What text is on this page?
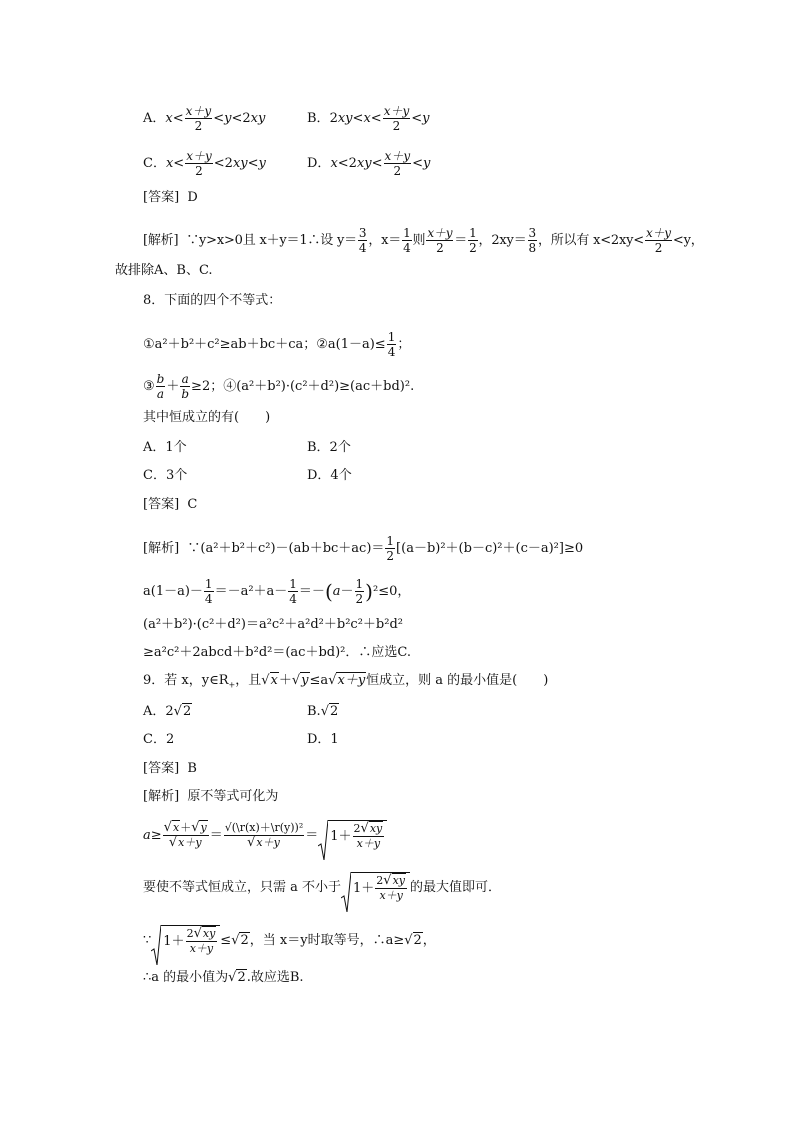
A．$x< \frac{x+y}{2} <y<2xy$	B．$2xy<x< \frac{x+y}{2} <y$
C．$x< \frac{x+y}{2} <2xy<y$	D．$x<2xy< \frac{x+y}{2} <y$
[答案] D
[解析] ∵y>x>0且 x＋y＝1∴设 $y= \frac{3}{4}$ ，$x= \frac{1}{4}$ 则 $\frac{x+y}{2} = \frac{1}{2}$ ，$2xy= \frac{3}{8}$ ，所以有 $x<2xy< \frac{x+y}{2} <y$，
故排除A、B、C.
8．下面的四个不等式：
①a²＋b²＋c²≥ab＋bc＋ca；②a(1－a)≤ $\frac{1}{4}$ ；
③ $\frac{b}{a} + \frac{a}{b} \ge 2$；④(a²＋b²)·(c²＋d²)≥(ac＋bd)².
其中恒成立的有(　　)
A．1个	B．2个
C．3个	D．4个
[答案] C
[解析] ∵(a²＋b²＋c²)－(ab＋bc＋ac)＝ $\frac{1}{2} [(a-b)^2+(b-c)^2+(c-a)^2]\ge 0$
$a(1-a)- \frac{1}{4} =-a^2+a- \frac{1}{4} =-(a- \frac{1}{2} )^2\le 0$，
(a²＋b²)·(c²＋d²)＝a²c²＋a²d²＋b²c²＋b²d²
≥a²c²＋2abcd＋b²d²＝(ac＋bd)²．∴应选C.
9．若 x，$y\in R_+$，且√x＋√y≤a√x＋y恒成立，则 a 的最小值是(　　)
A．2√2	B.√2
C．2	D．1
[答案] B
[解析] 原不等式可化为
$a\ge \frac{√x+√y}{√x+y} = \frac{\text{√(\textbackslash{}r(x)＋\textbackslash{}r(y))²}}{√x+y} = 1+ \frac{2√xy}{x+y}$
要使不等式恒成立，只需 a 不小于 $1+ \frac{2√xy}{x+y}$ 的最大值即可．
∵ $1+ \frac{2√xy}{x+y} \le√2$，当 x＝y时取等号，∴a≥√2，
∴a 的最小值为√2.故应选B.
